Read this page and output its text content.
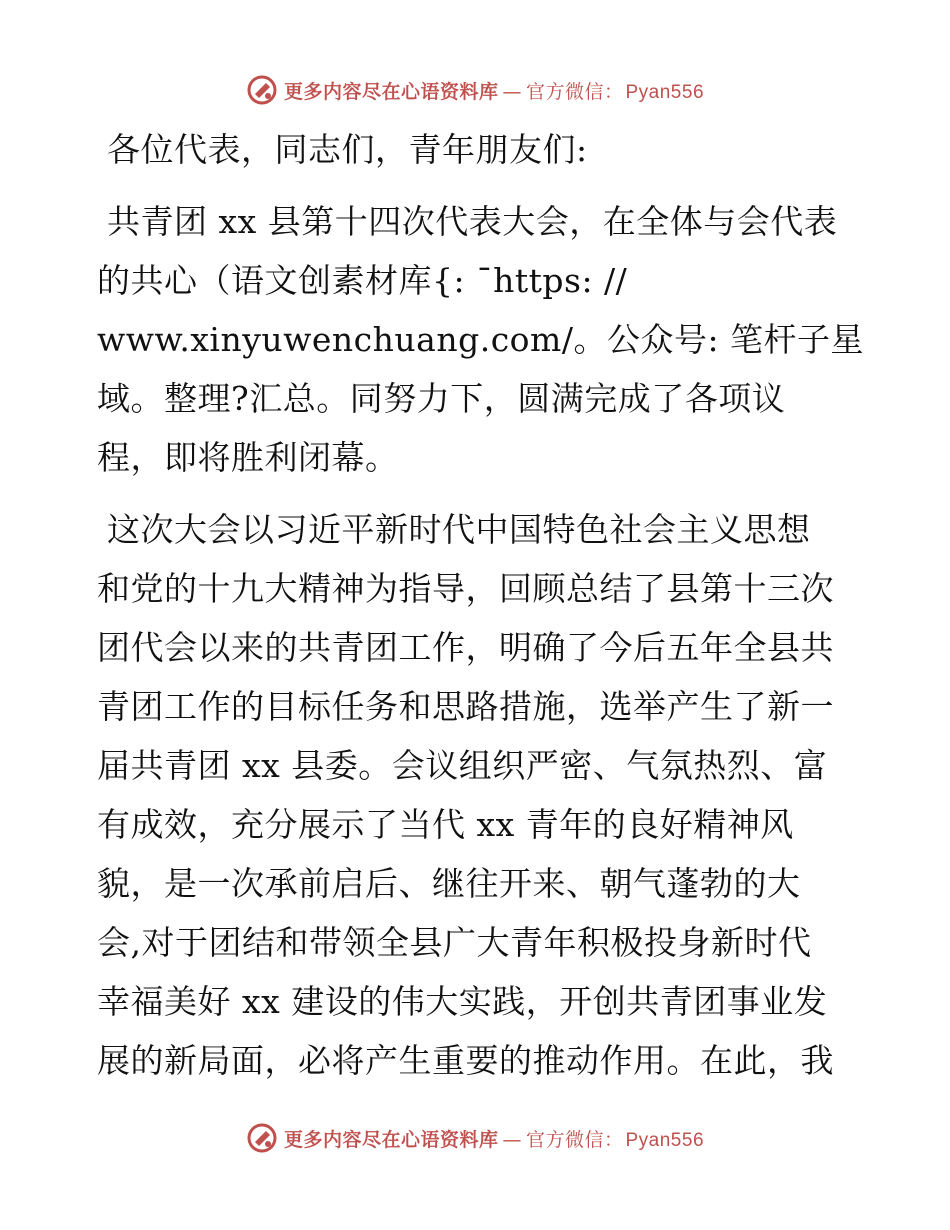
更多内容尽在心语资料库 — 官方微信： Pyan556

各位代表，同志们，青年朋友们:

共青团 xx 县第十四次代表大会，在全体与会代表
的共心（语文创素材库{: ¯https: //
www.xinyuwenchuang.com/。公众号: 笔杆子星
域。整理?汇总。同努力下，圆满完成了各项议
程，即将胜利闭幕。

这次大会以习近平新时代中国特色社会主义思想
和党的十九大精神为指导，回顾总结了县第十三次
团代会以来的共青团工作，明确了今后五年全县共
青团工作的目标任务和思路措施，选举产生了新一
届共青团 xx 县委。会议组织严密、气氛热烈、富
有成效，充分展示了当代 xx 青年的良好精神风
貌，是一次承前启后、继往开来、朝气蓬勃的大
会,对于团结和带领全县广大青年积极投身新时代
幸福美好 xx 建设的伟大实践，开创共青团事业发
展的新局面，必将产生重要的推动作用。在此，我

更多内容尽在心语资料库 — 官方微信： Pyan556
